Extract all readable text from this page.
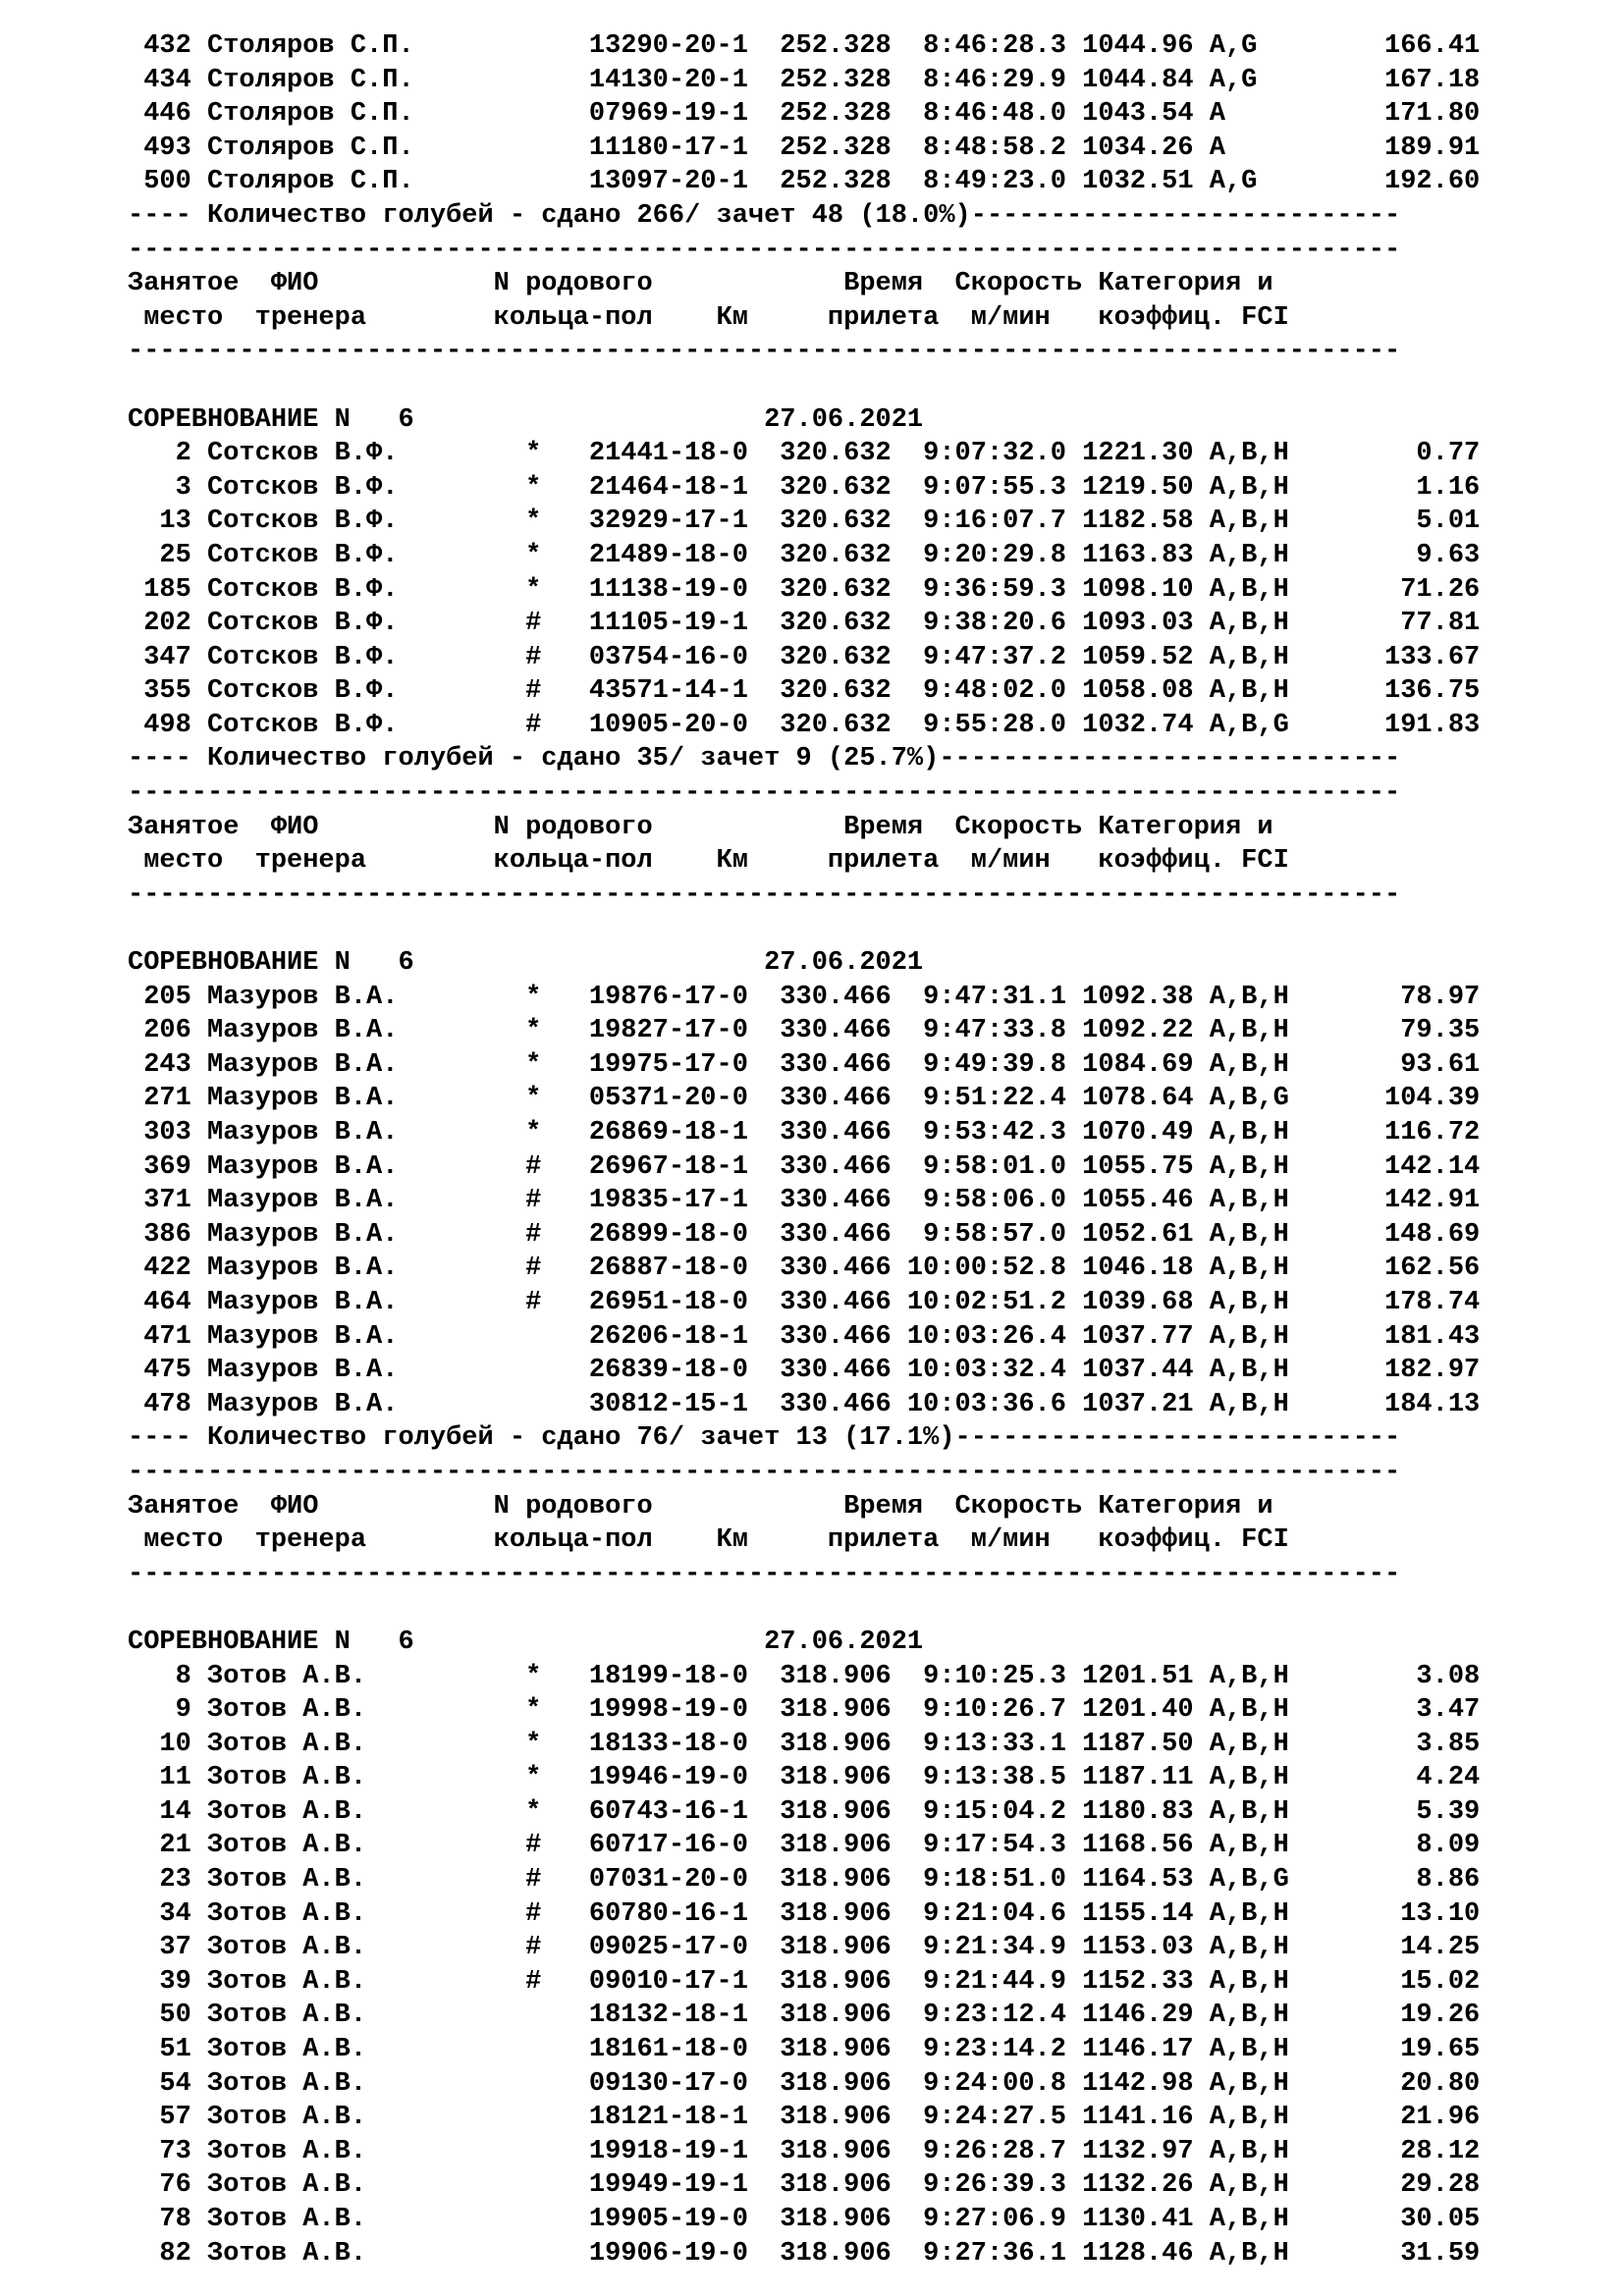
432 Столяров С.П.           13290-20-1  252.328  8:46:28.3 1044.96 A,G        166.41
434 Столяров С.П.           14130-20-1  252.328  8:46:29.9 1044.84 A,G        167.18
446 Столяров С.П.           07969-19-1  252.328  8:46:48.0 1043.54 A          171.80
493 Столяров С.П.           11180-17-1  252.328  8:48:58.2 1034.26 A          189.91
500 Столяров С.П.           13097-20-1  252.328  8:49:23.0 1032.51 A,G        192.60
---- Количество голубей - сдано 266/ зачет 48 (18.0%)---------------------------
--------------------------------------------------------------------------------
Занятое  ФИО           N родового            Время  Скорость Категория и
место  тренера        кольца-пол    Км     прилета  м/мин   коэффиц. FCI
--------------------------------------------------------------------------------
СОРЕВНОВАНИЕ N   6                      27.06.2021
2 Сотсков В.Ф.        *   21441-18-0  320.632  9:07:32.0 1221.30 A,B,H        0.77
3 Сотсков В.Ф.        *   21464-18-1  320.632  9:07:55.3 1219.50 A,B,H        1.16
13 Сотсков В.Ф.        *   32929-17-1  320.632  9:16:07.7 1182.58 A,B,H        5.01
25 Сотсков В.Ф.        *   21489-18-0  320.632  9:20:29.8 1163.83 A,B,H        9.63
185 Сотсков В.Ф.        *   11138-19-0  320.632  9:36:59.3 1098.10 A,B,H       71.26
202 Сотсков В.Ф.        #   11105-19-1  320.632  9:38:20.6 1093.03 A,B,H       77.81
347 Сотсков В.Ф.        #   03754-16-0  320.632  9:47:37.2 1059.52 A,B,H      133.67
355 Сотсков В.Ф.        #   43571-14-1  320.632  9:48:02.0 1058.08 A,B,H      136.75
498 Сотсков В.Ф.        #   10905-20-0  320.632  9:55:28.0 1032.74 A,B,G      191.83
---- Количество голубей - сдано 35/ зачет 9 (25.7%)-----------------------------
--------------------------------------------------------------------------------
Занятое  ФИО           N родового            Время  Скорость Категория и
место  тренера        кольца-пол    Км     прилета  м/мин   коэффиц. FCI
--------------------------------------------------------------------------------
СОРЕВНОВАНИЕ N   6                      27.06.2021
205 Мазуров В.А.        *   19876-17-0  330.466  9:47:31.1 1092.38 A,B,H       78.97
206 Мазуров В.А.        *   19827-17-0  330.466  9:47:33.8 1092.22 A,B,H       79.35
243 Мазуров В.А.        *   19975-17-0  330.466  9:49:39.8 1084.69 A,B,H       93.61
271 Мазуров В.А.        *   05371-20-0  330.466  9:51:22.4 1078.64 A,B,G      104.39
303 Мазуров В.А.        *   26869-18-1  330.466  9:53:42.3 1070.49 A,B,H      116.72
369 Мазуров В.А.        #   26967-18-1  330.466  9:58:01.0 1055.75 A,B,H      142.14
371 Мазуров В.А.        #   19835-17-1  330.466  9:58:06.0 1055.46 A,B,H      142.91
386 Мазуров В.А.        #   26899-18-0  330.466  9:58:57.0 1052.61 A,B,H      148.69
422 Мазуров В.А.        #   26887-18-0  330.466 10:00:52.8 1046.18 A,B,H      162.56
464 Мазуров В.А.        #   26951-18-0  330.466 10:02:51.2 1039.68 A,B,H      178.74
471 Мазуров В.А.            26206-18-1  330.466 10:03:26.4 1037.77 A,B,H      181.43
475 Мазуров В.А.            26839-18-0  330.466 10:03:32.4 1037.44 A,B,H      182.97
478 Мазуров В.А.            30812-15-1  330.466 10:03:36.6 1037.21 A,B,H      184.13
---- Количество голубей - сдано 76/ зачет 13 (17.1%)----------------------------
--------------------------------------------------------------------------------
Занятое  ФИО           N родового            Время  Скорость Категория и
место  тренера        кольца-пол    Км     прилета  м/мин   коэффиц. FCI
--------------------------------------------------------------------------------
СОРЕВНОВАНИЕ N   6                      27.06.2021
8 Зотов А.В.          *   18199-18-0  318.906  9:10:25.3 1201.51 A,B,H        3.08
9 Зотов А.В.          *   19998-19-0  318.906  9:10:26.7 1201.40 A,B,H        3.47
10 Зотов А.В.          *   18133-18-0  318.906  9:13:33.1 1187.50 A,B,H        3.85
11 Зотов А.В.          *   19946-19-0  318.906  9:13:38.5 1187.11 A,B,H        4.24
14 Зотов А.В.          *   60743-16-1  318.906  9:15:04.2 1180.83 A,B,H        5.39
21 Зотов А.В.          #   60717-16-0  318.906  9:17:54.3 1168.56 A,B,H        8.09
23 Зотов А.В.          #   07031-20-0  318.906  9:18:51.0 1164.53 A,B,G        8.86
34 Зотов А.В.          #   60780-16-1  318.906  9:21:04.6 1155.14 A,B,H       13.10
37 Зотов А.В.          #   09025-17-0  318.906  9:21:34.9 1153.03 A,B,H       14.25
39 Зотов А.В.          #   09010-17-1  318.906  9:21:44.9 1152.33 A,B,H       15.02
50 Зотов А.В.              18132-18-1  318.906  9:23:12.4 1146.29 A,B,H       19.26
51 Зотов А.В.              18161-18-0  318.906  9:23:14.2 1146.17 A,B,H       19.65
54 Зотов А.В.              09130-17-0  318.906  9:24:00.8 1142.98 A,B,H       20.80
57 Зотов А.В.              18121-18-1  318.906  9:24:27.5 1141.16 A,B,H       21.96
73 Зотов А.В.              19918-19-1  318.906  9:26:28.7 1132.97 A,B,H       28.12
76 Зотов А.В.              19949-19-1  318.906  9:26:39.3 1132.26 A,B,H       29.28
78 Зотов А.В.              19905-19-0  318.906  9:27:06.9 1130.41 A,B,H       30.05
82 Зотов А.В.              19906-19-0  318.906  9:27:36.1 1128.46 A,B,H       31.59
